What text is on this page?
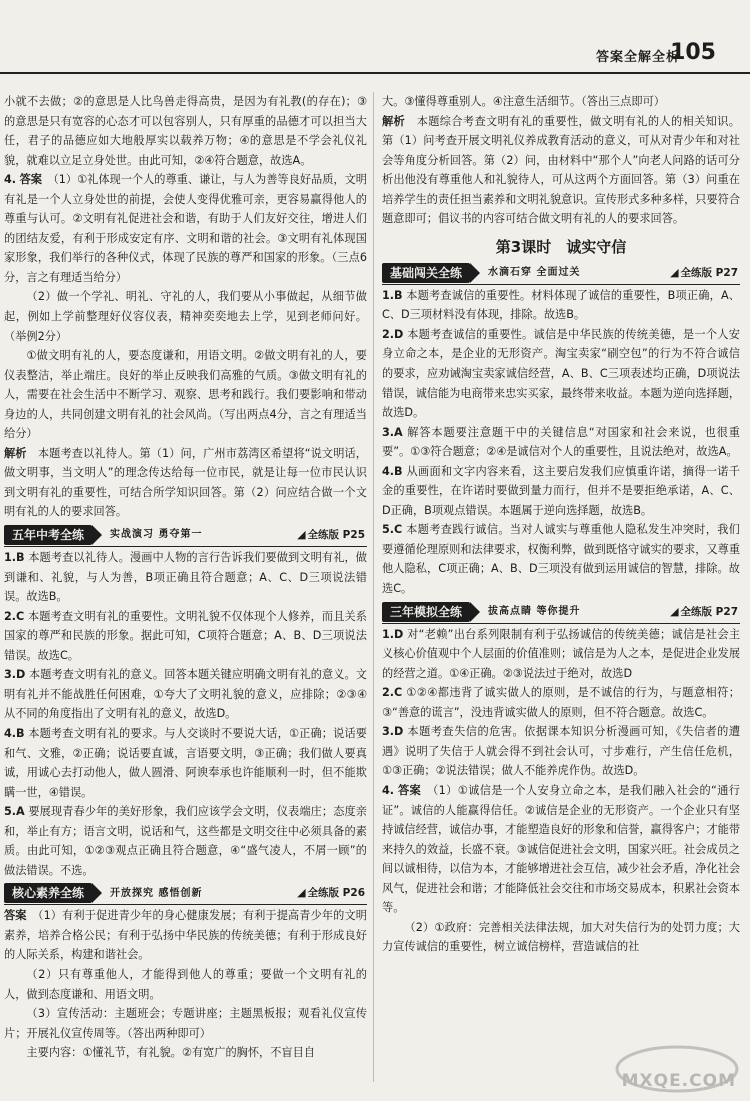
答案全解全析
105

小就不去做；②的意思是人比鸟兽走得高贵，是因为有礼教(的存在)；③的意思是只有宽容的心态才可以包容别人，只有厚重的品德才可以担当大任，君子的品德应如大地般厚实以载养万物；④的意思是不学会礼仪礼貌，就难以立足立身处世。由此可知，②④符合题意，故选A。

4. 答案　 （1）①礼体现一个人的尊重、谦让，与人为善等良好品质，文明有礼是一个人立身处世的前提，会使人变得优雅可亲，更容易赢得他人的尊重与认可。②文明有礼促进社会和谐，有助于人们友好交往，增进人们的团结友爱，有利于形成安定有序、文明和谐的社会。③文明有礼体现国家形象，我们举行的各种仪式，体现了民族的尊严和国家的形象。（三点6分，言之有理适当给分）

（2）做一个学礼、明礼、守礼的人，我们要从小事做起，从细节做起，例如上学前整理好仪容仪表，精神奕奕地去上学，见到老师问好。（举例2分）

①做文明有礼的人，要态度谦和，用语文明。②做文明有礼的人，要仪表整洁，举止端庄。良好的举止反映我们高雅的气质。③做文明有礼的人，需要在社会生活中不断学习、观察、思考和践行。我们要影响和带动身边的人，共同创建文明有礼的社会风尚。（写出两点4分，言之有理适当给分）

解析　 本题考查以礼待人。第（1）问，广州市荔湾区希望将“说文明话，做文明事，当文明人”的理念传达给每一位市民，就是让每一位市民认识到文明有礼的重要性，可结合所学知识回答。第（2）问应结合做一个文明有礼的人的要求回答。

五年中考全练	实战演习 勇夺第一	◢ 全练版 P25

1.B 本题考查以礼待人。漫画中人物的言行告诉我们要做到文明有礼，做到谦和、礼貌，与人为善，B项正确且符合题意；A、C、D三项说法错误。故选B。

2.C 本题考查文明有礼的重要性。文明礼貌不仅体现个人修养，而且关系国家的尊严和民族的形象。据此可知，C项符合题意；A、B、D三项说法错误。故选C。

3.D 本题考查文明有礼的意义。回答本题关键应明确文明有礼的意义。文明有礼并不能战胜任何困难，①夸大了文明礼貌的意义，应排除；②③④从不同的角度指出了文明有礼的意义，故选D。

4.B 本题考查文明有礼的要求。与人交谈时不要说大话，①正确；说话要和气、文雅，②正确；说话要直诚，言语要文明，③正确；我们做人要真诚，用诚心去打动他人，做人圆滑、阿谀奉承也许能顺利一时，但不能欺瞒一世，④错误。

5.A 要展现青春少年的美好形象，我们应该学会文明，仪表端庄；态度亲和，举止有方；语言文明，说话和气，这些都是文明交往中必须具备的素质。由此可知，①②③观点正确且符合题意，④“盛气凌人，不屑一顾”的做法错误。不选。

核心素养全练	开放探究 感悟创新	◢ 全练版 P26

答案　 （1）有利于促进青少年的身心健康发展；有利于提高青少年的文明素养，培养合格公民；有利于弘扬中华民族的传统美德；有利于形成良好的人际关系，构建和谐社会。

（2）只有尊重他人，才能得到他人的尊重；要做一个文明有礼的人，做到态度谦和、用语文明。

（3）宣传活动：主题班会；专题讲座；主题黑板报；观看礼仪宣传片；开展礼仪宣传周等。（答出两种即可）

主要内容：①懂礼节，有礼貌。②有宽广的胸怀，不盲目自

大。③懂得尊重别人。④注意生活细节。（答出三点即可）

解析　 本题综合考查文明有礼的重要性，做文明有礼的人的相关知识。第（1）问考查开展文明礼仪养成教育活动的意义，可从对青少年和对社会等角度分析回答。第（2）问，由材料中“那个人”向老人问路的话可分析出他没有尊重他人和礼貌待人，可从这两个方面回答。第（3）问重在培养学生的责任担当素养和文明礼貌意识。宣传形式多种多样，只要符合题意即可；倡议书的内容可结合做文明有礼的人的要求回答。

第3课时　诚实守信
基础闯关全练	水滴石穿 全面过关	◢ 全练版 P27

1.B 本题考查诚信的重要性。材料体现了诚信的重要性，B项正确，A、C、D三项材料没有体现，排除。故选B。

2.D 本题考查诚信的重要性。诚信是中华民族的传统美德，是一个人安身立命之本，是企业的无形资产。淘宝卖家“刷空包”的行为不符合诚信的要求，应劝诫淘宝卖家诚信经营，A、B、C三项表述均正确，D项说法错误，诚信能为电商带来忠实买家，最终带来收益。本题为逆向选择题，故选D。

3.A 解答本题要注意题干中的关键信息“对国家和社会来说，也很重要”。①③符合题意；②④是诚信对个人的重要性，且说法绝对，故选A。

4.B 从画面和文字内容来看，这主要启发我们应慎重许诺，摘得一诺千金的重要性，在许诺时要做到量力而行，但并不是要拒绝承诺，A、C、D正确，B项观点错误。本题属于逆向选择题，故选B。

5.C 本题考查践行诚信。当对人诚实与尊重他人隐私发生冲突时，我们要遵循伦理原则和法律要求，权衡利弊，做到既恪守诚实的要求，又尊重他人隐私，C项正确；A、B、D三项没有做到运用诚信的智慧，排除。故选C。

三年模拟全练	拔高点睛 等你提升	◢ 全练版 P27

1.D 对“老赖”出台系列限制有利于弘扬诚信的传统美德；诚信是社会主义核心价值观中个人层面的价值准则；诚信是为人之本，是促进企业发展的经营之道。①④正确。②③说法过于绝对，故选D

2.C ①②④都违背了诚实做人的原则，是不诚信的行为，与题意相符；③“善意的谎言”，没违背诚实做人的原则，但不符合题意。故选C。

3.D 本题考查失信的危害。依据课本知识分析漫画可知，《失信者的遭遇》说明了失信于人就会得不到社会认可，寸步难行，产生信任危机，①③正确；②说法错误；做人不能养虎作伪。故选D。

4. 答案　 （1）①诚信是一个人安身立命之本，是我们融入社会的“通行证”。诚信的人能赢得信任。②诚信是企业的无形资产。一个企业只有坚持诚信经营，诚信办事，才能塑造良好的形象和信誉，赢得客户；才能带来持久的效益，长盛不衰。③诚信促进社会文明，国家兴旺。社会成员之间以诚相待，以信为本，才能够增进社会互信，减少社会矛盾，净化社会风气，促进社会和谐；才能降低社会交往和市场交易成本，积累社会资本等。

（2）①政府：完善相关法律法规，加大对失信行为的处罚力度；大力宣传诚信的重要性，树立诚信榜样，营造诚信的社

MXQE.COM
